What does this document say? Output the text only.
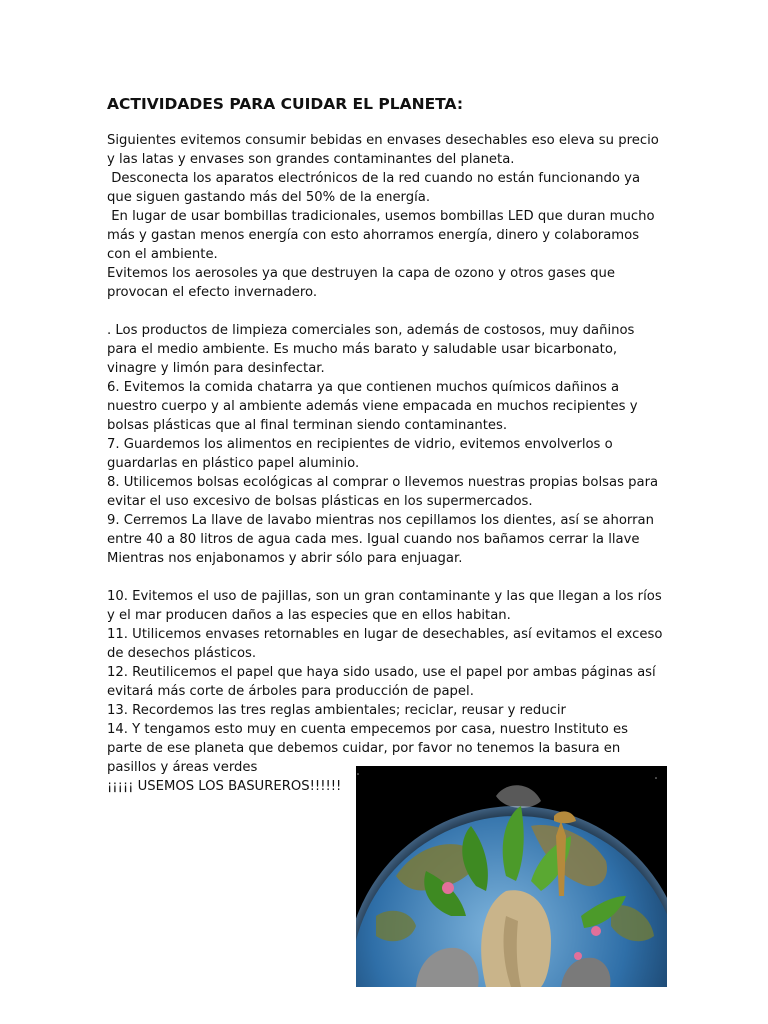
ACTIVIDADES PARA CUIDAR EL PLANETA:

Siguientes evitemos consumir bebidas en envases desechables eso eleva su precio y las latas y envases son grandes contaminantes del planeta.

Desconecta los aparatos electrónicos de la red cuando no están funcionando ya que siguen gastando más del 50% de la energía.

En lugar de usar bombillas tradicionales, usemos bombillas LED que duran mucho más y gastan menos energía con esto ahorramos energía, dinero y colaboramos con el ambiente.

Evitemos los aerosoles ya que destruyen la capa de ozono y otros gases que provocan el efecto invernadero.

. Los productos de limpieza comerciales son, además de costosos, muy dañinos para el medio ambiente. Es mucho más barato y saludable usar bicarbonato, vinagre y limón para desinfectar.

6. Evitemos la comida chatarra ya que contienen muchos químicos dañinos a nuestro cuerpo y al ambiente además viene empacada en muchos recipientes y bolsas plásticas que al final terminan siendo contaminantes.

7. Guardemos los alimentos en recipientes de vidrio, evitemos envolverlos o guardarlas en plástico papel aluminio.

8. Utilicemos bolsas ecológicas al comprar o llevemos nuestras propias bolsas para evitar el uso excesivo de bolsas plásticas en los supermercados.

9. Cerremos La llave de lavabo mientras nos cepillamos los dientes, así se ahorran entre 40 a 80 litros de agua cada mes. Igual cuando nos bañamos cerrar la llave Mientras nos enjabonamos y abrir sólo para enjuagar.

10. Evitemos el uso de pajillas, son un gran contaminante y las que llegan a los ríos y el mar producen daños a las especies que en ellos habitan.

11. Utilicemos envases retornables en lugar de desechables, así evitamos el exceso de desechos plásticos.

12. Reutilicemos el papel que haya sido usado, use el papel por ambas páginas así evitará más corte de árboles para producción de papel.

13. Recordemos las tres reglas ambientales; reciclar, reusar y reducir

14. Y tengamos esto muy en cuenta empecemos por casa, nuestro Instituto es parte de ese planeta que debemos cuidar, por favor no tenemos la basura en pasillos y áreas verdes

¡¡¡¡¡ USEMOS LOS BASUREROS!!!!!!
